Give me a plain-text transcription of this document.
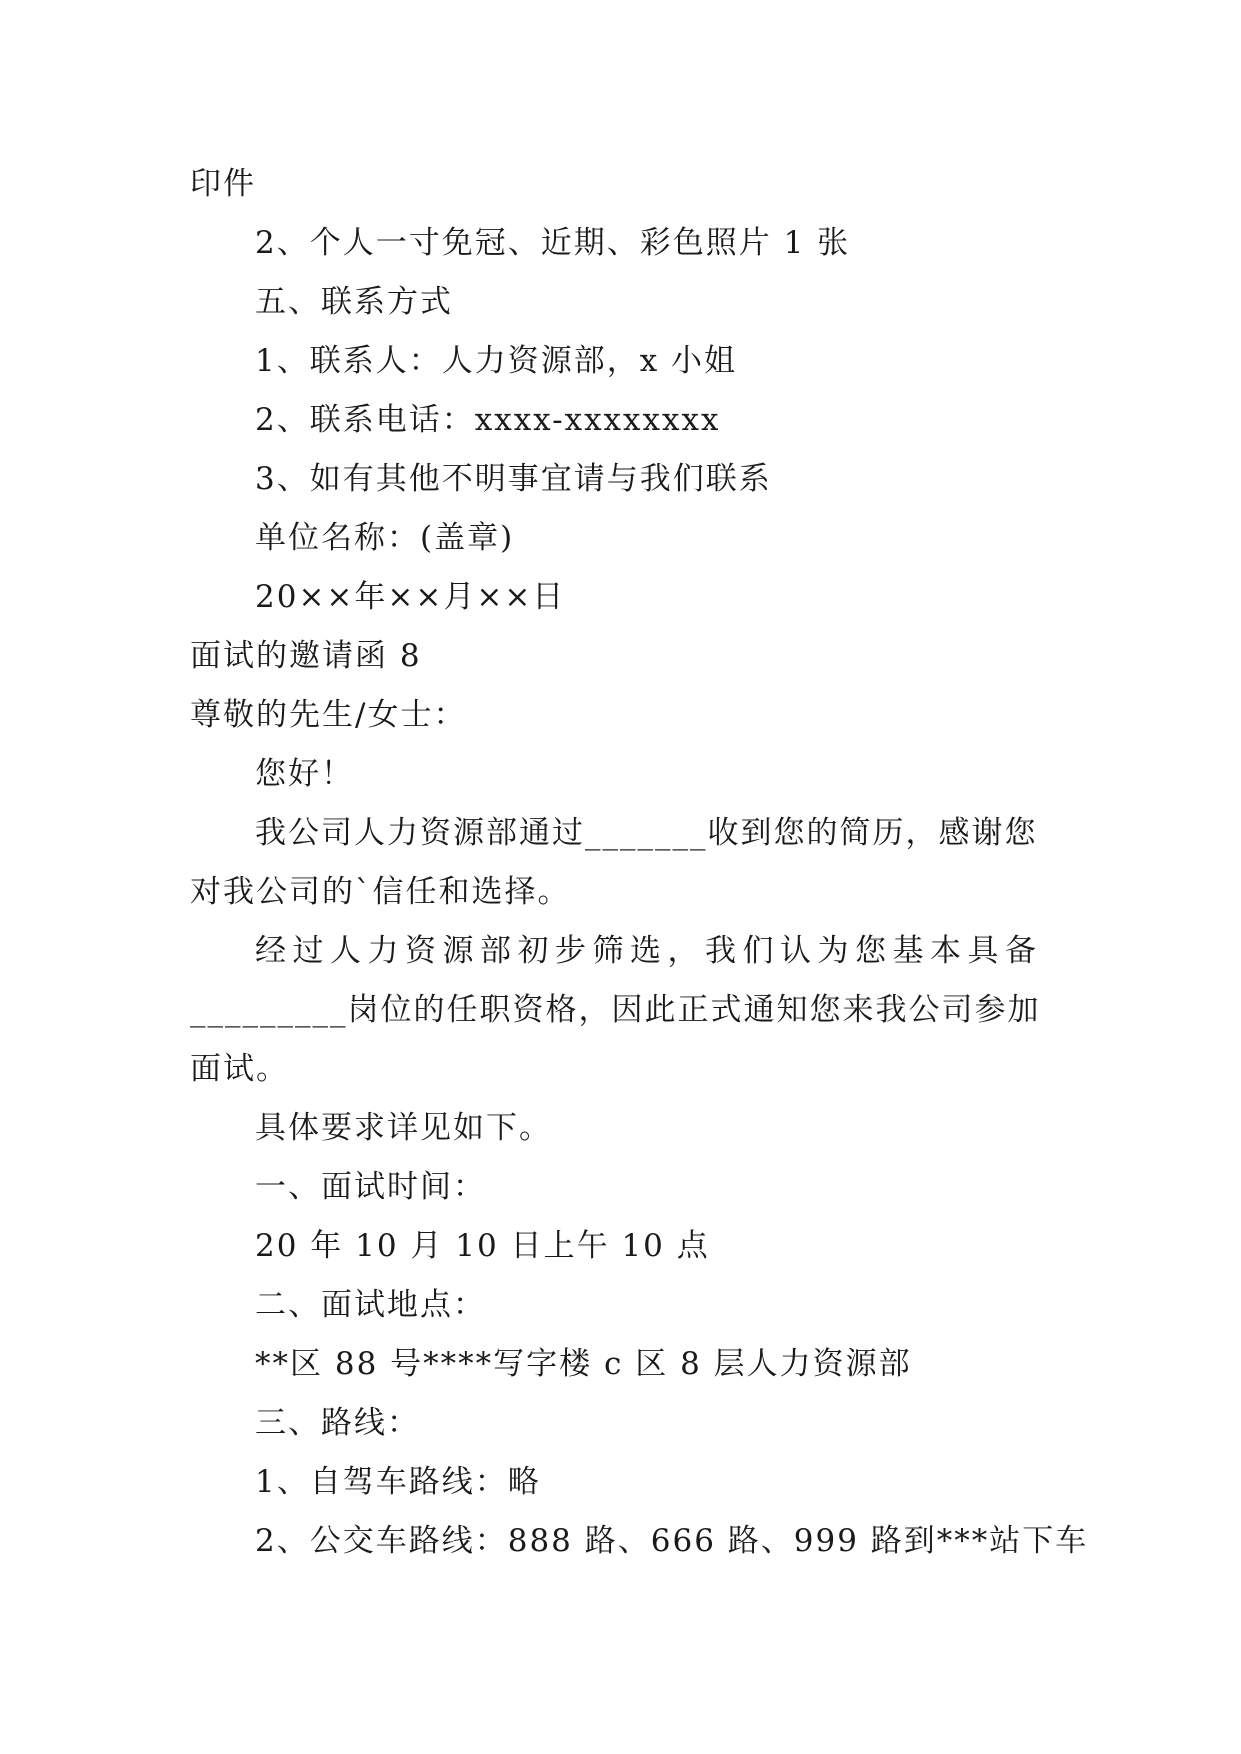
印件
2、个人一寸免冠、近期、彩色照片 1 张
五、联系方式
1、联系人：人力资源部，x 小姐
2、联系电话：xxxx-xxxxxxxx
3、如有其他不明事宜请与我们联系
单位名称：(盖章)
20××年××月××日
面试的邀请函 8
尊敬的先生/女士：
您好！
我公司人力资源部通过_______收到您的简历，感谢您
对我公司的`信任和选择。
经过人力资源部初步筛选，我们认为您基本具备
_________岗位的任职资格，因此正式通知您来我公司参加
面试。
具体要求详见如下。
一、面试时间：
20 年 10 月 10 日上午 10 点
二、面试地点：
**区 88 号****写字楼 c 区 8 层人力资源部
三、路线：
1、自驾车路线：略
2、公交车路线：888 路、666 路、999 路到***站下车
